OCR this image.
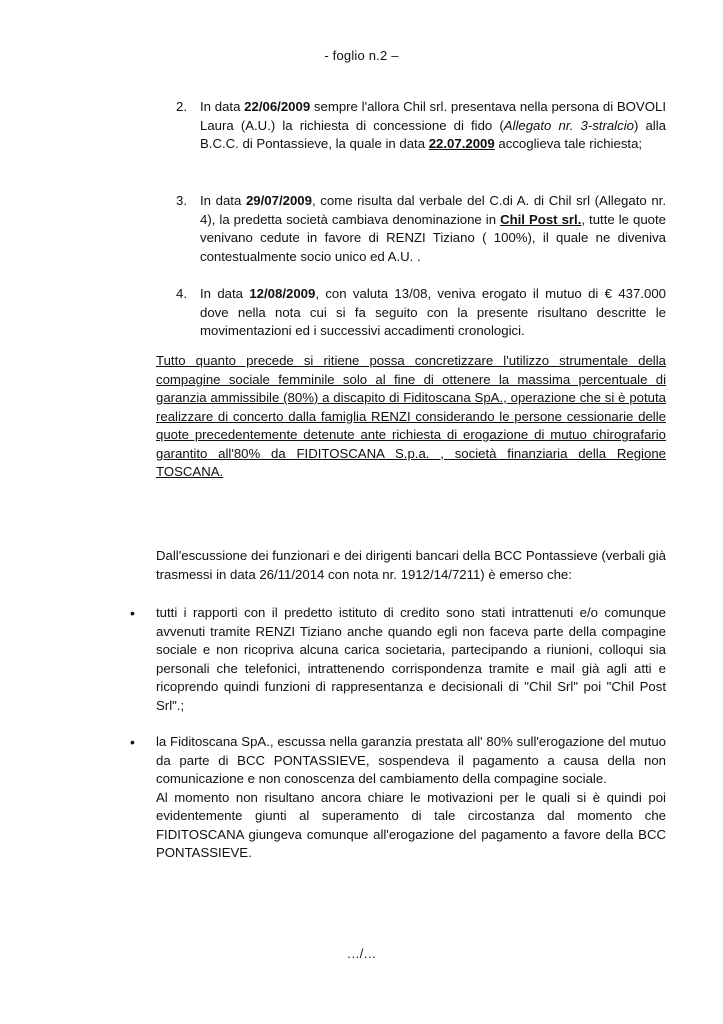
- foglio n.2 –
2. In data 22/06/2009 sempre l'allora Chil srl. presentava nella persona di BOVOLI Laura (A.U.) la richiesta di concessione di fido (Allegato nr. 3-stralcio) alla B.C.C. di Pontassieve, la quale in data 22.07.2009 accoglieva tale richiesta;

3. In data 29/07/2009, come risulta dal verbale del C.di A. di Chil srl (Allegato nr. 4), la predetta società cambiava denominazione in Chil Post srl., tutte le quote venivano cedute in favore di RENZI Tiziano ( 100%), il quale ne diveniva contestualmente socio unico ed A.U. .

4. In data 12/08/2009, con valuta 13/08, veniva erogato il mutuo di € 437.000 dove nella nota cui si fa seguito con la presente risultano descritte le movimentazioni ed i successivi accadimenti cronologici.

Tutto quanto precede si ritiene possa concretizzare l'utilizzo strumentale della compagine sociale femminile solo al fine di ottenere la massima percentuale di garanzia ammissibile (80%) a discapito di Fiditoscana SpA., operazione che si è potuta realizzare di concerto dalla famiglia RENZI considerando le persone cessionarie delle quote precedentemente detenute ante richiesta di erogazione di mutuo chirografario garantito all'80% da FIDITOSCANA S.p.a. , società finanziaria della Regione TOSCANA.
Dall'escussione dei funzionari e dei dirigenti bancari della BCC Pontassieve (verbali già trasmessi in data 26/11/2014 con nota nr. 1912/14/7211) è emerso che:
• tutti i rapporti con il predetto istituto di credito sono stati intrattenuti e/o comunque avvenuti tramite RENZI Tiziano anche quando egli non faceva parte della compagine sociale e non ricopriva alcuna carica societaria, partecipando a riunioni, colloqui sia personali che telefonici, intrattenendo corrispondenza tramite e mail già agli atti e ricoprendo quindi funzioni di rappresentanza e decisionali di "Chil Srl" poi "Chil Post Srl".;

• la Fiditoscana SpA., escussa nella garanzia prestata all' 80% sull'erogazione del mutuo da parte di BCC PONTASSIEVE, sospendeva il pagamento a causa della non comunicazione e non conoscenza del cambiamento della compagine sociale.

Al momento non risultano ancora chiare le motivazioni per le quali si è quindi poi evidentemente giunti al superamento di tale circostanza dal momento che FIDITOSCANA giungeva comunque all'erogazione del pagamento a favore della BCC PONTASSIEVE.

…/…
